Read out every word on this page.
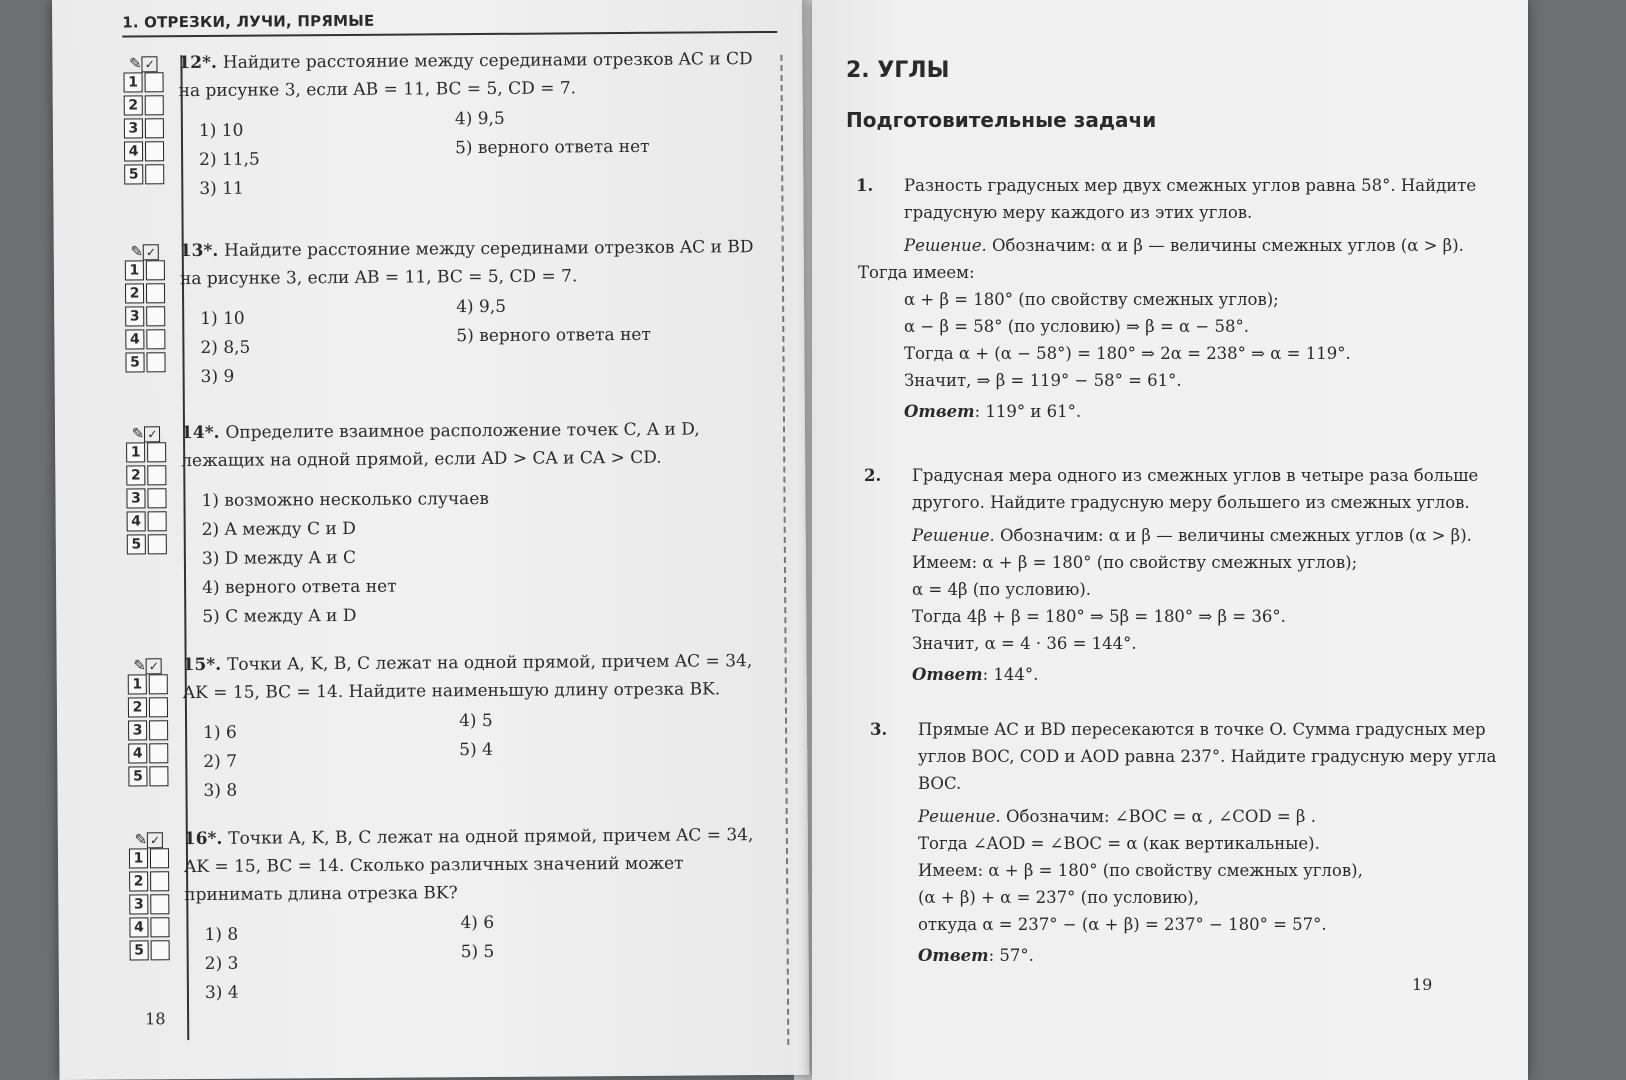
1. ОТРЕЗКИ, ЛУЧИ, ПРЯМЫЕ
✎ ✓
1
2
3
4
5
12*. Найдите расстояние между серединами отрезков AC и CD на рисунке 3, если AB = 11, BC = 5, CD = 7.
1) 10
2) 11,5
3) 11
4) 9,5
5) верного ответа нет
✎ ✓
1
2
3
4
5
13*. Найдите расстояние между серединами отрезков AC и BD на рисунке 3, если AB = 11, BC = 5, CD = 7.
1) 10
2) 8,5
3) 9
4) 9,5
5) верного ответа нет
✎ ✓
1
2
3
4
5
14*. Определите взаимное расположение точек C, A и D, лежащих на одной прямой, если AD > CA и CA > CD.
1) возможно несколько случаев
2) A между C и D
3) D между A и C
4) верного ответа нет
5) C между A и D
✎ ✓
1
2
3
4
5
15*. Точки A, K, B, C лежат на одной прямой, причем AC = 34, AK = 15, BC = 14. Найдите наименьшую длину отрезка BK.
1) 6
2) 7
3) 8
4) 5
5) 4
✎ ✓
1
2
3
4
5
16*. Точки A, K, B, C лежат на одной прямой, причем AC = 34, AK = 15, BC = 14. Сколько различных значений может принимать длина отрезка BK?
1) 8
2) 3
3) 4
4) 6
5) 5
18
2. УГЛЫ
Подготовительные задачи
1. Разность градусных мер двух смежных углов равна 58°. Найдите
градусную меру каждого из этих углов.
Решение. Обозначим: α и β — величины смежных углов (α > β).
Тогда имеем:
α + β = 180° (по свойству смежных углов);
α − β = 58° (по условию) ⇒ β = α − 58°.
Тогда α + (α − 58°) = 180° ⇒ 2α = 238° ⇒ α = 119°.
Значит, ⇒ β = 119° − 58° = 61°.
Ответ: 119° и 61°.
2. Градусная мера одного из смежных углов в четыре раза больше
другого. Найдите градусную меру большего из смежных углов.
Решение. Обозначим: α и β — величины смежных углов (α > β).
Имеем: α + β = 180° (по свойству смежных углов);
α = 4β (по условию).
Тогда 4β + β = 180° ⇒ 5β = 180° ⇒ β = 36°.
Значит, α = 4 · 36 = 144°.
Ответ: 144°.
3. Прямые AC и BD пересекаются в точке O. Сумма градусных мер
углов BOC, COD и AOD равна 237°. Найдите градусную меру угла
BOC.
Решение. Обозначим: ∠BOC = α , ∠COD = β .
Тогда ∠AOD = ∠BOC = α (как вертикальные).
Имеем: α + β = 180° (по свойству смежных углов),
(α + β) + α = 237° (по условию),
откуда α = 237° − (α + β) = 237° − 180° = 57°.
Ответ: 57°.
19
